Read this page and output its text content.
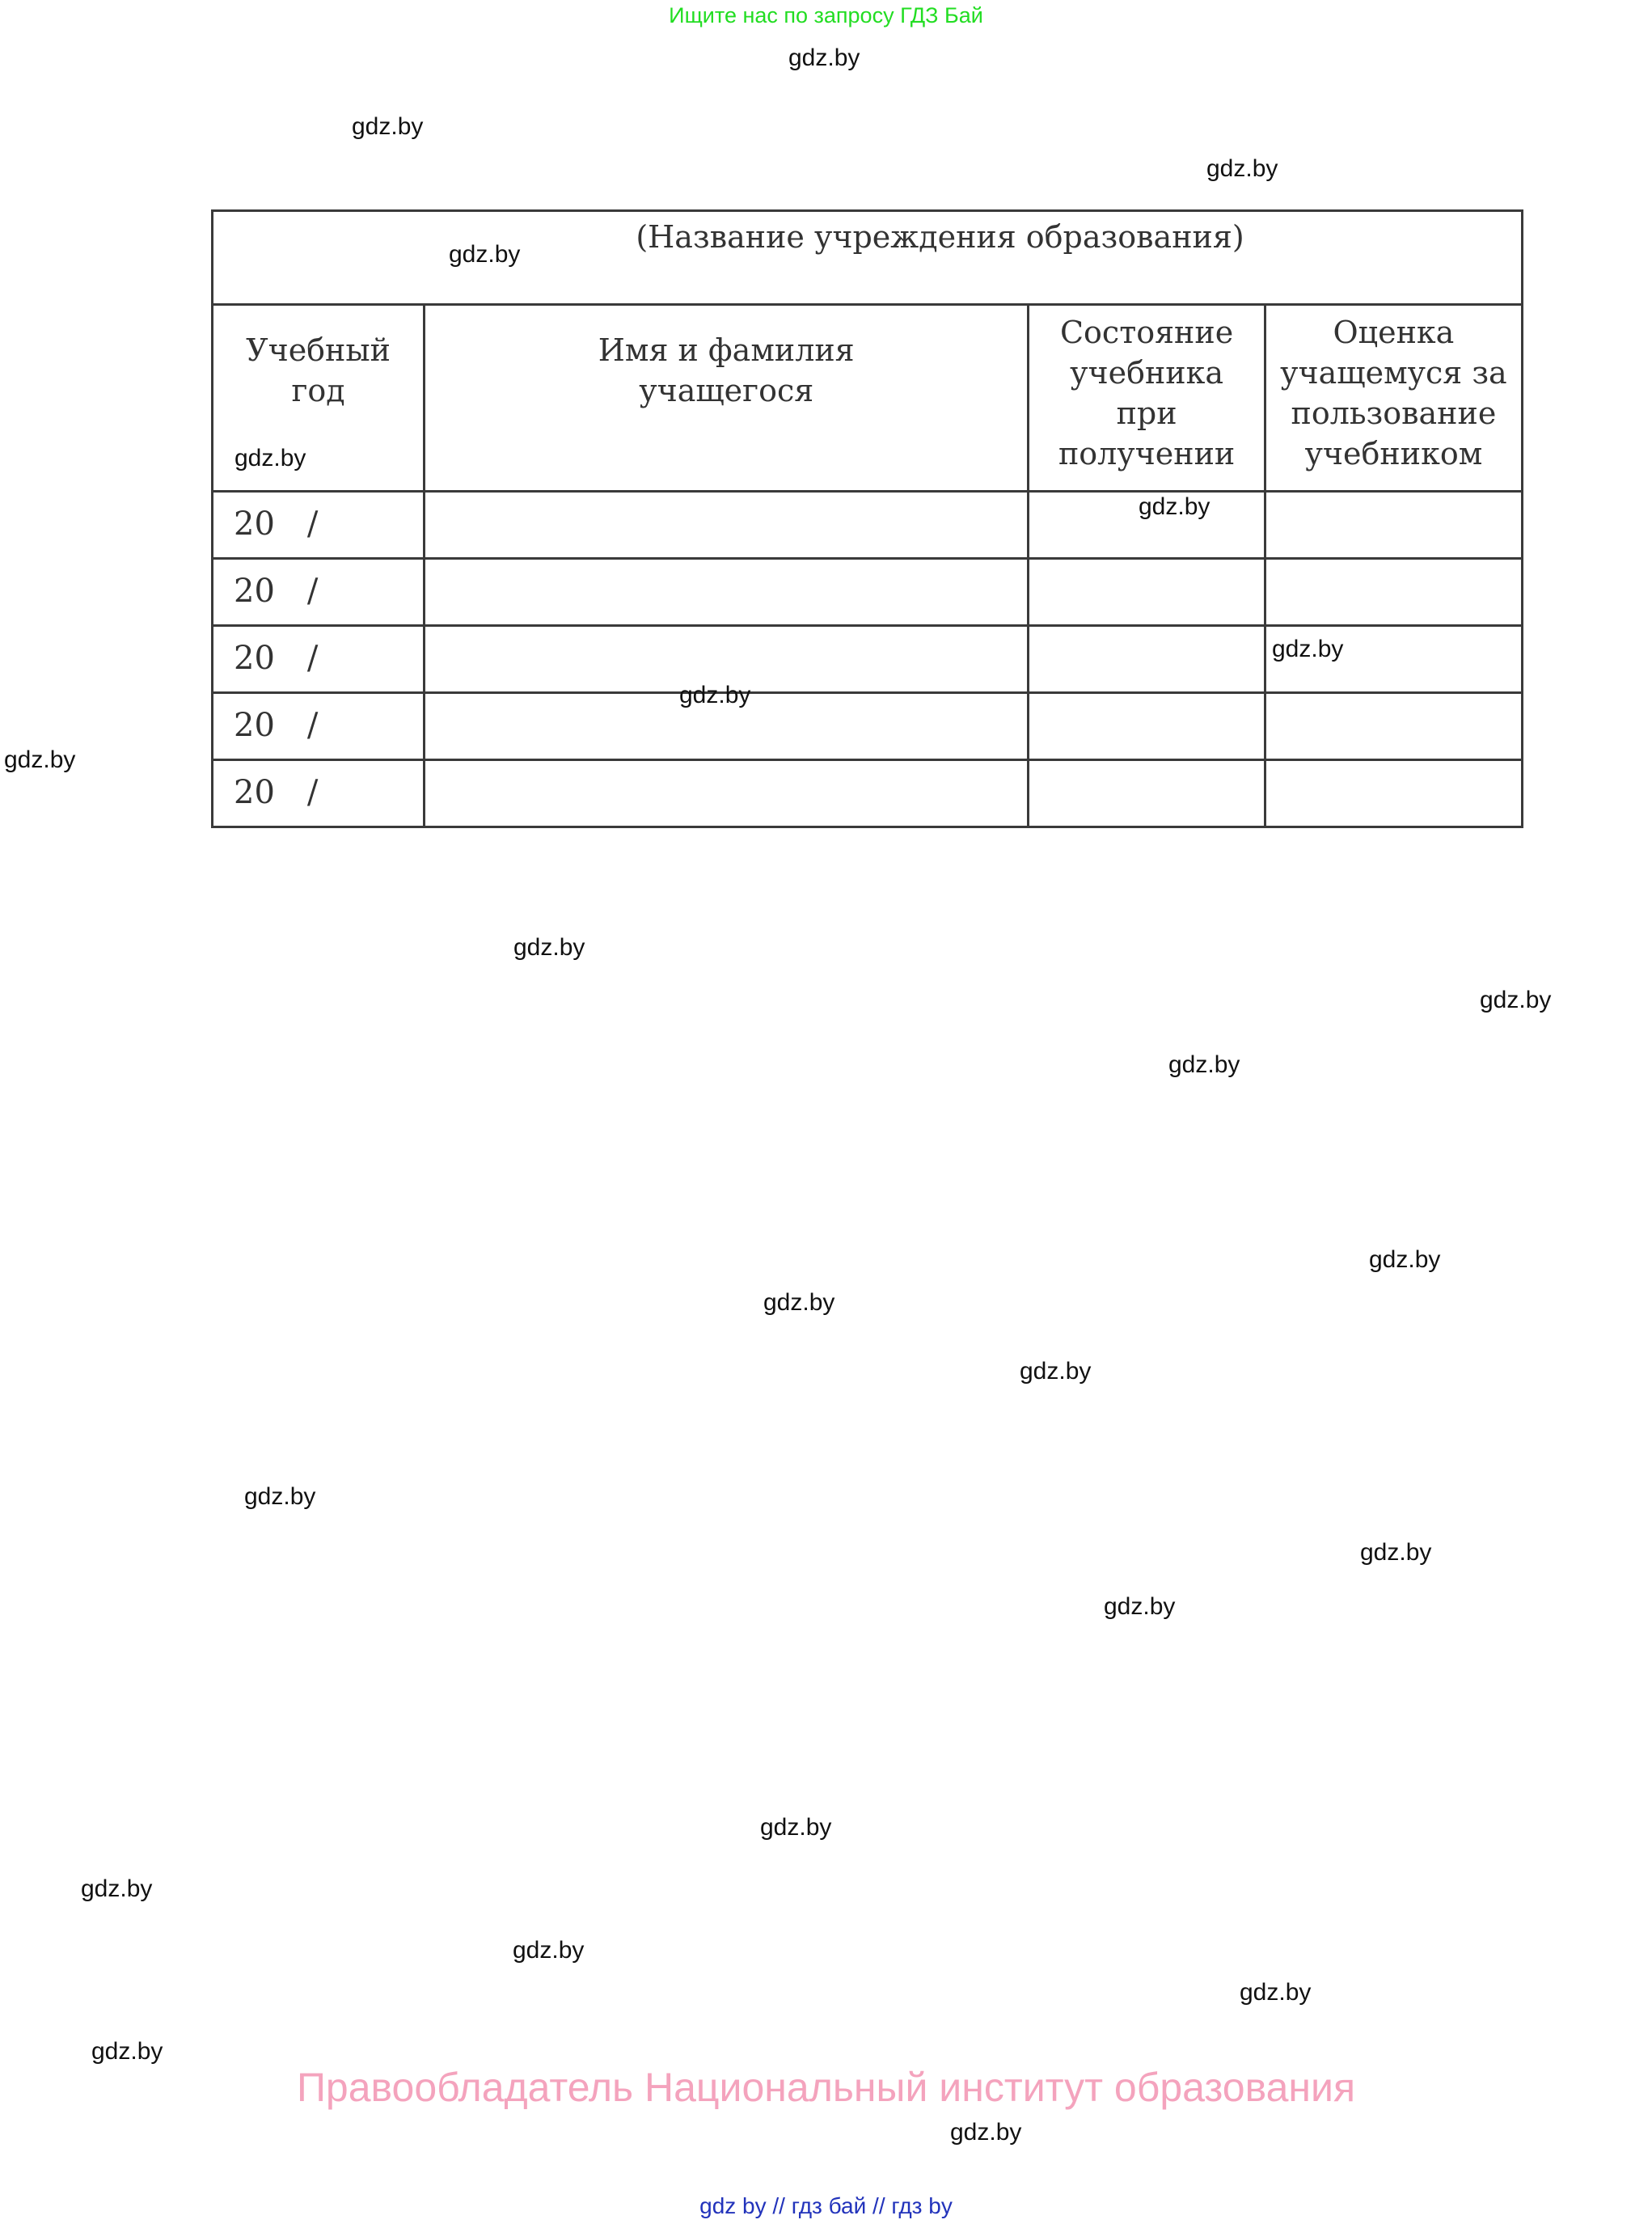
Ищите нас по запросу ГДЗ Бай
gdz.by
gdz.by
gdz.by
gdz.by
gdz.by
gdz.by
gdz.by
gdz.by
gdz.by
gdz.by
gdz.by
gdz.by
gdz.by
gdz.by
gdz.by
gdz.by
gdz.by
gdz.by
gdz.by
gdz.by
gdz.by
gdz.by
gdz.by
gdz.by
(Название учреждения образования)			

Учебный год	Имя и фамилия учащегося	Состояние учебника при получении	Оценка учащемуся за пользование учебником

20 /			
20 /			
20 /			
20 /			
20 /			
Правообладатель Национальный институт образования
gdz by // гдз бай // гдз by
